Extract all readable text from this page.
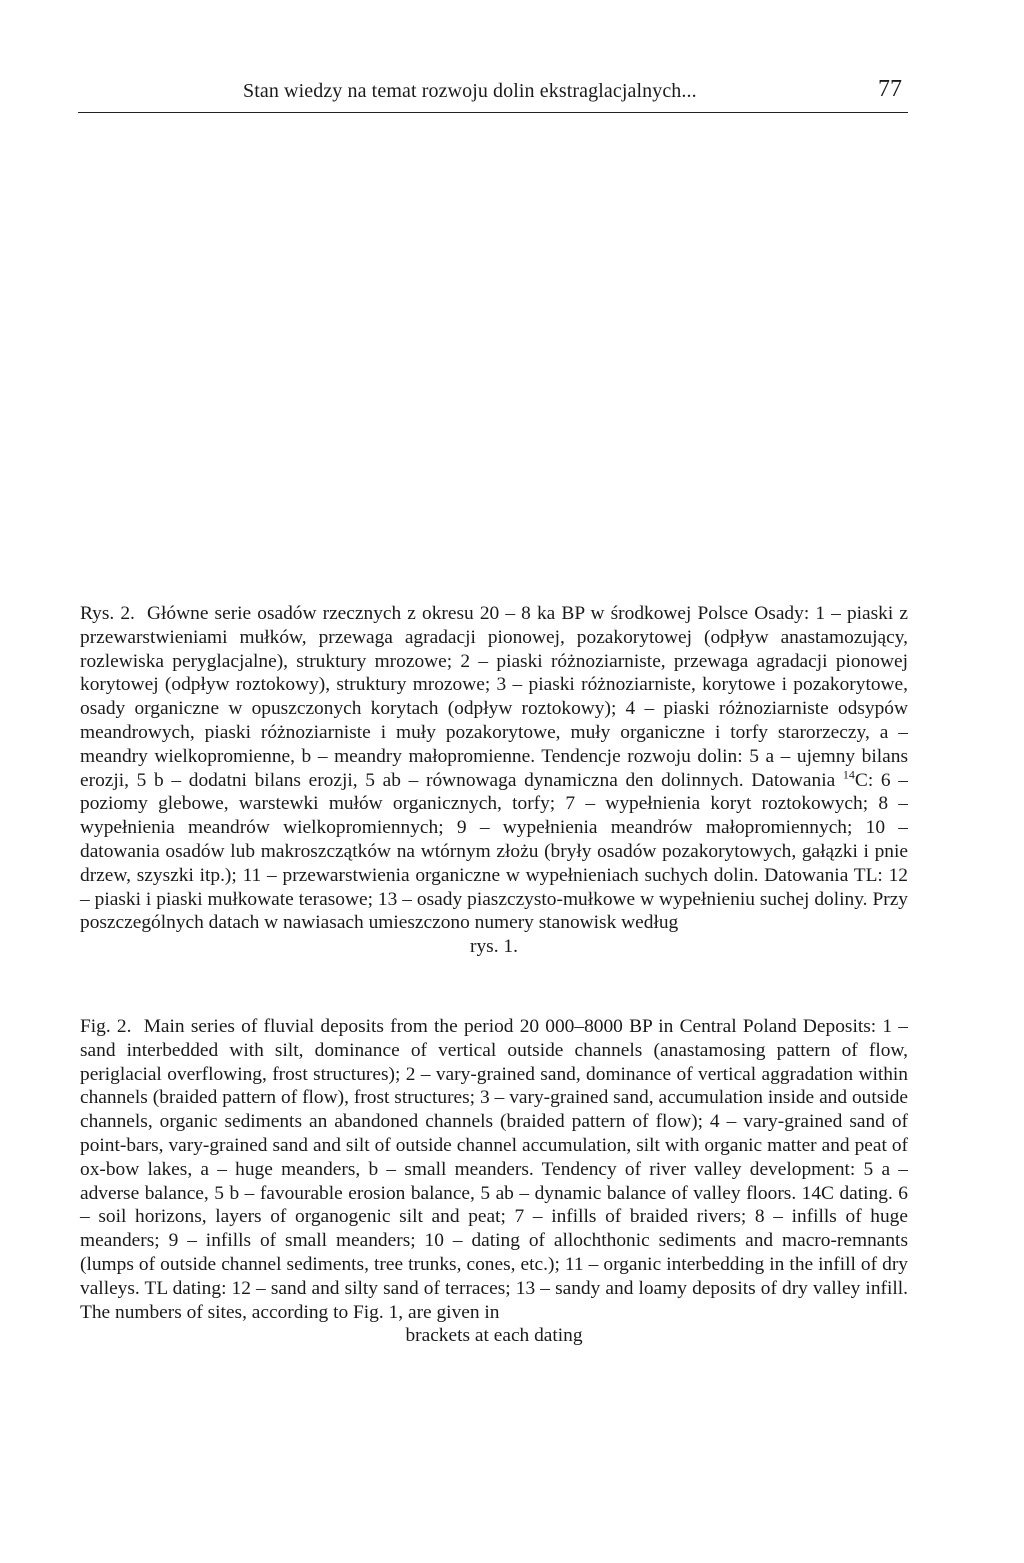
Stan wiedzy na temat rozwoju dolin ekstraglacjalnych...	77

Rys. 2. Główne serie osadów rzecznych z okresu 20 – 8 ka BP w środkowej Polsce Osady: 1 – piaski z przewarstwieniami mułków, przewaga agradacji pionowej, pozakorytowej (odpływ anastamozujący, rozlewiska peryglacjalne), struktury mrozowe; 2 – piaski różnoziarniste, przewaga agradacji pionowej korytowej (odpływ roztokowy), struktury mrozowe; 3 – piaski różnoziarniste, korytowe i pozakorytowe, osady organiczne w opuszczonych korytach (odpływ roztokowy); 4 – piaski różnoziarniste odsypów meandrowych, piaski różnoziarniste i muły pozakorytowe, muły organiczne i torfy starorzeczy, a – meandry wielkopromienne, b – meandry małopromienne. Tendencje rozwoju dolin: 5 a – ujemny bilans erozji, 5 b – dodatni bilans erozji, 5 ab – równowaga dynamiczna den dolinnych. Datowania $^{14}$C: 6 – poziomy glebowe, warstewki mułów organicznych, torfy; 7 – wypełnienia koryt roztokowych; 8 – wypełnienia meandrów wielkopromiennych; 9 – wypełnienia meandrów małopromiennych; 10 – datowania osadów lub makroszczątków na wtórnym złożu (bryły osadów pozakorytowych, gałązki i pnie drzew, szyszki itp.); 11 – przewarstwienia organiczne w wypełnieniach suchych dolin. Datowania TL: 12 – piaski i piaski mułkowate terasowe; 13 – osady piaszczysto-mułkowe w wypełnieniu suchej doliny. Przy poszczególnych datach w nawiasach umieszczono numery stanowisk według
rys. 1.

Fig. 2. Main series of fluvial deposits from the period 20 000–8000 BP in Central Poland Deposits: 1 – sand interbedded with silt, dominance of vertical outside channels (anastamosing pattern of flow, periglacial overflowing, frost structures); 2 – vary-grained sand, dominance of vertical aggradation within channels (braided pattern of flow), frost structures; 3 – vary-grained sand, accumulation inside and outside channels, organic sediments an abandoned channels (braided pattern of flow); 4 – vary-grained sand of point-bars, vary-grained sand and silt of outside channel accumulation, silt with organic matter and peat of ox-bow lakes, a – huge meanders, b – small meanders. Tendency of river valley development: 5 a – adverse balance, 5 b – favourable erosion balance, 5 ab – dynamic balance of valley floors. 14C dating. 6 – soil horizons, layers of organogenic silt and peat; 7 – infills of braided rivers; 8 – infills of huge meanders; 9 – infills of small meanders; 10 – dating of allochthonic sediments and macro-remnants (lumps of outside channel sediments, tree trunks, cones, etc.); 11 – organic interbedding in the infill of dry valleys. TL dating: 12 – sand and silty sand of terraces; 13 – sandy and loamy deposits of dry valley infill. The numbers of sites, according to Fig. 1, are given in
brackets at each dating
